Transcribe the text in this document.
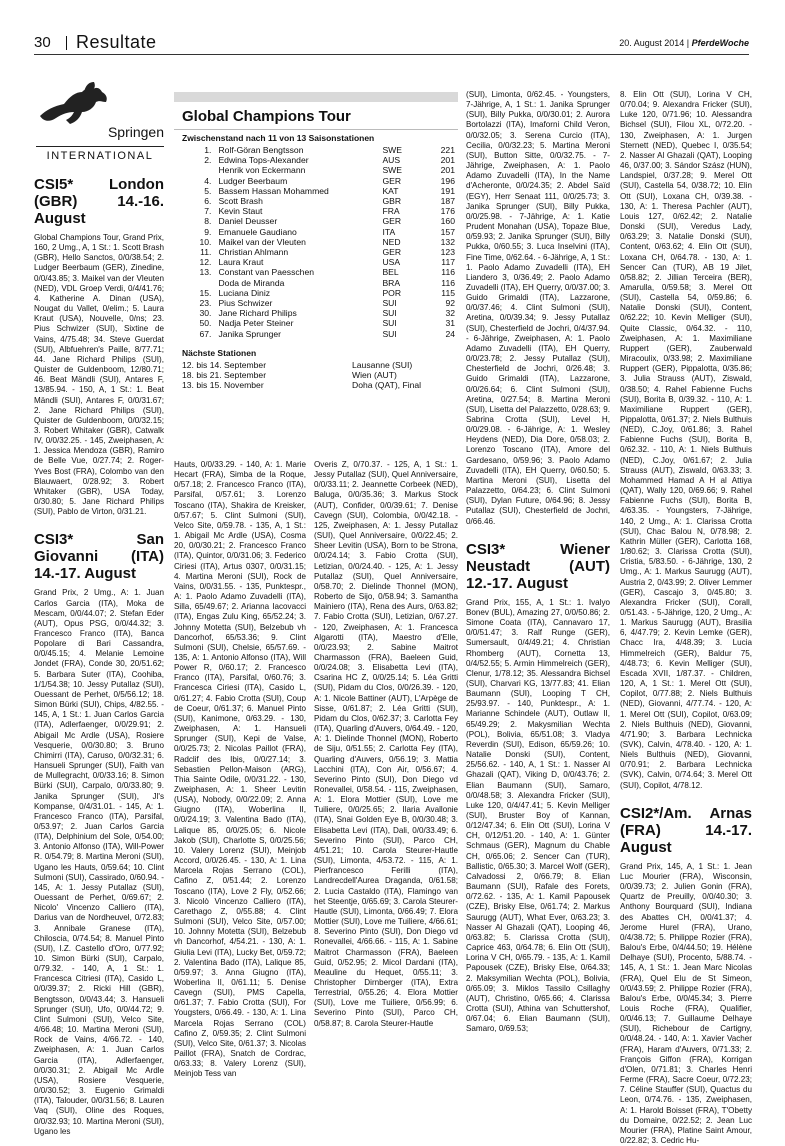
30 Resultate	20. August 2014 | PferdeWoche
Springen
INTERNATIONAL
CSI5* London (GBR) 14.-16. August

Global Champions Tour, Grand Prix, 160, 2 Umg., A, 1 St.: 1. Scott Brash (GBR), Hello Sanctos, 0/0/38.54; 2. Ludger Beerbaum (GER), Zinedine, 0/0/43.85; 3. Maikel van der Vleuten (NED), VDL Groep Verdi, 0/4/41.76; 4. Katherine A. Dinan (USA), Nougat du Vallet, 0/elim.; 5. Laura Kraut (USA), Nouvelle, 0/ns; 23. Pius Schwizer (SUI), Sixtine de Vains, 4/75.48; 34. Steve Guerdat (SUI), Albfuehren's Paille, 8/77.71; 44. Jane Richard Philips (SUI), Quister de Guldenboom, 12/80.71; 46. Beat Mändli (SUI), Antares F, 13/85.94. - 150, A, 1 St.: 1. Beat Mändli (SUI), Antares F, 0/0/31.67; 2. Jane Richard Philips (SUI), Quister de Guldenboom, 0/0/32.15; 3. Robert Whitaker (GBR), Catwalk IV, 0/0/32.25. - 145, Zweiphasen, A: 1. Jessica Mendoza (GBR), Ramiro de Belle Vue, 0/27.74; 2. Roger-Yves Bost (FRA), Colombo van den Blauwaert, 0/28.92; 3. Robert Whitaker (GBR), USA Today, 0/30.80; 5. Jane Richard Philips (SUI), Pablo de Virton, 0/31.21.

CSI3* San Giovanni (ITA) 14.-17. August

Grand Prix, 2 Umg., A: 1. Juan Carlos Garcia (ITA), Moka de Mescam, 0/0/44.07; 2. Stefan Eder (AUT), Opus PSG, 0/0/44.32; 3. Francesco Franco (ITA), Banca Popolare di Bari Cassandra, 0/0/45.15; 4. Melanie Lemoine Jondet (FRA), Conde 30, 20/51.62; 5. Barbara Suter (ITA), Coohiba, 1/1/54.38; 10. Jessy Putallaz (SUI), Ouessant de Perhet, 0/5/56.12; 18. Simon Bürki (SUI), Chips, 4/82.55. - 145, A, 1 St.: 1. Juan Carlos Garcia (ITA), Adlerfaenger, 0/0/29.91; 2. Abigail Mc Ardle (USA), Rosiere Vesquerie, 0/0/30.80; 3. Bruno Chimirri (ITA), Caruso, 0/0/32.31; 6. Hansueli Sprunger (SUI), Faith van de Mullegracht, 0/0/33.16; 8. Simon Bürki (SUI), Carpalo, 0/0/33.80; 9. Janika Sprunger (SUI), Jl's Kompanse, 0/4/31.01. - 145, A: 1. Francesco Franco (ITA), Parsifal, 0/53.97; 2. Juan Carlos Garcia (ITA), Delphinium del Sole, 0/54.00; 3. Antonio Alfonso (ITA), Will-Power R. 0/54.79; 8. Martina Meroni (SUI), Ugano les Hauts, 0/59.64; 10. Clint Sulmoni (SUI), Cassirado, 0/60.94. - 145, A: 1. Jessy Putallaz (SUI), Ouessant de Perhet, 0/69.67; 2. Nicolo' Vincenzo Calliero (ITA), Darius van de Nordheuvel, 0/72.83; 3. Annibale Granese (ITA), Chiloscia, 0/74.54; 8. Manuel Pinto (SUI), I.Z. Castello d'Oro, 0/77.92; 10. Simon Bürki (SUI), Carpalo, 0/79.32. - 140, A, 1 St.: 1. Francesca Citriesi (ITA), Casido L, 0/0/39.37; 2. Ricki Hill (GBR), Bengtsson, 0/0/43.44; 3. Hansueli Sprunger (SUI), Ufo, 0/0/44.72; 9. Clint Sulmoni (SUI), Velco Site, 4/66.48; 10. Martina Meroni (SUI), Rock de Vains, 4/66.72. - 140, Zweiphasen, A: 1. Juan Carlos Garcia (ITA), Adlerfaenger, 0/0/30.31; 2. Abigail Mc Ardle (USA), Rosiere Vesquerie, 0/0/30.52; 3. Eugenio Grimaldi (ITA), Talouder, 0/0/31.56; 8. Lauren Vaq (SUI), Oline des Roques, 0/0/32.93; 10. Martina Meroni (SUI), Ugano les

Global Champions Tour
Zwischenstand nach 11 von 13 Saisonstationen
1.	Rolf-Göran Bengtsson	SWE	221
2.	Edwina Tops-Alexander	AUS	201
	Henrik von Eckermann	SWE	201
4.	Ludger Beerbaum	GER	196
5.	Bassem Hassan Mohammed	KAT	191
6.	Scott Brash	GBR	187
7.	Kevin Staut	FRA	176
8.	Daniel Deusser	GER	160
9.	Emanuele Gaudiano	ITA	157
10.	Maikel van der Vleuten	NED	132
11.	Christian Ahlmann	GER	123
12.	Laura Kraut	USA	117
13.	Constant van Paesschen	BEL	116
	Doda de Miranda	BRA	116
15.	Luciana Diniz	POR	115
23.	Pius Schwizer	SUI	92
30.	Jane Richard Philips	SUI	32
50.	Nadja Peter Steiner	SUI	31
67.	Janika Sprunger	SUI	24
Nächste Stationen
12. bis 14. September	Lausanne (SUI)
18. bis 21. September	Wien (AUT)
13. bis 15. November	Doha (QAT), Final

Hauts, 0/0/33.29. - 140, A: 1. Marie Hecart (FRA), Simba de la Roque, 0/57.18; 2. Francesco Franco (ITA), Parsifal, 0/57.61; 3. Lorenzo Toscano (ITA), Shakira de Kreisker, 0/57.67; 5. Clint Sulmoni (SUI), Velco Site, 0/59.78. - 135, A, 1 St.: 1. Abigail Mc Ardle (USA), Cosma 20, 0/0/30.21; 2. Francesco Franco (ITA), Quintor, 0/0/31.06; 3. Federico Ciriesi (ITA), Artus 0307, 0/0/31.15; 4. Martina Meroni (SUI), Rock de Vains, 0/0/31.55. - 135, Punktespr., A: 1. Paolo Adamo Zuvadelli (ITA), Silla, 65/49.67; 2. Arianna Iacovacci (ITA), Engas Zulu King, 65/52.24; 3. Johnny Motetta (SUI), Belzebub vh Dancorhof, 65/53.36; 9. Clint Sulmoni (SUI), Chelsie, 65/57.69. - 135, A: 1. Antonio Alfonso (ITA), Will Power R, 0/60.17; 2. Francesco Franco (ITA), Parsifal, 0/60.76; 3. Francesca Ciriesi (ITA), Casido L, 0/61.27; 4. Fabio Crotta (SUI), Coup de Coeur, 0/61.37; 6. Manuel Pinto (SUI), Kanimone, 0/63.29. - 130, Zweiphasen, A: 1. Hansueli Sprunger (SUI), Kepi de Valse, 0/0/25.73; 2. Nicolas Paillot (FRA), Radclif des Ibis, 0/0/27.14; 3. Sebastien Pellon-Maison (ARG), Thia Sainte Odile, 0/0/31.22. - 130, Zweiphasen, A: 1. Sheer Levitin (USA), Nobody, 0/0/22.09; 2. Anna Giugno (ITA), Woberlina II, 0/0/24.19; 3. Valentina Bado (ITA), Lalique 85, 0/0/25.05; 6. Nicole Jakob (SUI), Charlotte S, 0/0/25.56; 10. Valery Lorenz (SUI), Meinjob Accord, 0/0/26.45. - 130, A: 1. Lina Marcela Rojas Serrano (COL), Cafino Z, 0/51.44; 2. Lorenzo Toscano (ITA), Love 2 Fly, 0/52.66; 3. Nicolò Vincenzo Calliero (ITA), Carethago Z, 0/55.88; 4. Clint Sulmoni (SUI), Velco Site, 0/57.00; 10. Johnny Motetta (SUI), Belzebub vh Dancorhof, 4/54.21. - 130, A: 1. Giulia Levi (ITA), Lucky Bet, 0/59.72; 2. Valentina Bado (ITA), Lalique 85, 0/59.97; 3. Anna Giugno (ITA), Woberlina II, 0/61.11; 5. Denise Cavegn (SUI), PMS Capella, 0/61.37; 7. Fabio Crotta (SUI), For Yougsters, 0/66.49. - 130, A: 1. Lina Marcela Rojas Serrano (COL) Cafino Z, 0/59.35; 2. Clint Sulmoni (SUI), Velco Site, 0/61.37; 3. Nicolas Paillot (FRA), Snatch de Cordrac, 0/63.33; 8. Valery Lorenz (SUI), Meinjob Tess van

Overis Z, 0/70.37. - 125, A, 1 St.: 1. Jessy Putallaz (SUI), Quel Anniversaire, 0/0/33.11; 2. Jeannette Corbeek (NED), Baluga, 0/0/35.36; 3. Markus Stock (AUT), Confider, 0/0/39.61; 7. Denise Cavegn (SUI), Colombia, 0/0/42.18. - 125, Zweiphasen, A: 1. Jessy Putallaz (SUI), Quel Anniversaire, 0/0/22.45; 2. Sheer Levitin (USA), Born to be Strona, 0/0/24.14; 3. Fabio Crotta (SUI), Letizian, 0/0/24.40. - 125, A: 1. Jessy Putallaz (SUI), Quel Anniversaire, 0/58.70; 2. Dielinde Thonnel (MON), Roberto de Sijo, 0/58.94; 3. Samantha Mainiero (ITA), Rena des Aurs, 0/63.82; 7. Fabio Crotta (SUI), Letizian, 0/67.27. - 120, Zweiphasen, A: 1. Francesca Algarotti (ITA), Maestro d'Elle, 0/0/23.93; 2. Sabine Maitrot Charmasson (FRA), Baeleen Guid, 0/0/24.08; 3. Elisabetta Levi (ITA), Csarina HC Z, 0/0/25.14; 5. Léa Gritti (SUI), Pidam du Clos, 0/0/26.39. - 120, A: 1. Nicole Battiner (AUT), L'Arpège de Sisse, 0/61.87; 2. Léa Gritti (SUI), Pidam du Clos, 0/62.37; 3. Carlotta Fey (ITA), Quarling d'Auvers, 0/64.49. - 120, A: 1. Dielinde Thonnel (MON), Roberto de Siju, 0/51.55; 2. Carlotta Fey (ITA), Quarling d'Auvers, 0/56.19; 3. Mattia Lacchini (ITA), Con Air, 0/56.67; 4. Severino Pinto (SUI), Don Diego vd Ronevallei, 0/58.54. - 115, Zweiphasen, A: 1. Elora Mottier (SUI), Love me Tuiliere, 0/0/25.65; 2. Ilaria Avallonie (ITA), Snai Golden Eye B, 0/0/30.48; 3. Elisabetta Levi (ITA), Dali, 0/0/33.49; 6. Severino Pinto (SUI), Parco CH, 4/51.21; 10. Carola Steurer-Hautle (SUI), Limonta, 4/53.72. - 115, A: 1. Pierfrancesco Ferilli (ITA), Landrecdell'Aurea Draganda, 0/61.58; 2. Lucia Castaldo (ITA), Flamingo van het Steentje, 0/65.69; 3. Carola Steurer-Hautle (SUI), Limonta, 0/66.49; 7. Elora Mottier (SUI), Love me Tuiliere, 4/66.61; 8. Severino Pinto (SUI), Don Diego vd Ronevallei, 4/66.66. - 115, A: 1. Sabine Maitrot Charmasson (FRA), Baeleen Guid, 0/52.95; 2. Micol Dardani (ITA), Meauline du Hequet, 0/55.11; 3. Christopher Dirnberger (ITA), Extra Terrestrial, 0/55.26; 4. Elora Mottier (SUI), Love me Tuiliere, 0/56.99; 6. Severino Pinto (SUI), Parco CH, 0/58.87; 8. Carola Steurer-Hautle

(SUI), Limonta, 0/62.45. - Youngsters, 7-Jährige, A, 1 St.: 1. Janika Sprunger (SUI), Billy Pukka, 0/0/30.01; 2. Aurora Bortolazzi (ITA), Imaforni Child Veron, 0/0/32.05; 3. Serena Curcio (ITA), Cecilia, 0/0/32.23; 5. Martina Meroni (SUI), Button Sitte, 0/0/32.75. - 7-Jährige, Zweiphasen, A: 1. Paolo Adamo Zuvadelli (ITA), In the Name d'Acheronte, 0/0/24.35; 2. Abdel Saïd (EGY), Herr Senaat 111, 0/0/25.73; 3. Janika Sprunger (SUI), Billy Pukka, 0/0/25.98. - 7-Jährige, A: 1. Katie Prudent Monahan (USA), Topaze Blue, 0/59.93; 2. Janika Sprunger (SUI), Billy Pukka, 0/60.55; 3. Luca Inselvini (ITA), Fine Time, 0/62.64. - 6-Jährige, A, 1 St.: 1. Paolo Adamo Zuvadelli (ITA), EH Liandero 3, 0/36.49; 2. Paolo Adamo Zuvadelli (ITA), EH Querry, 0/0/37.00; 3. Guido Grimaldi (ITA), Lazzarone, 0/0/37.46; 4. Clint Sulmoni (SUI), Aretina, 0/0/39.34; 9. Jessy Putallaz (SUI), Chesterfield de Jochri, 0/4/37.94. - 6-Jährige, Zweiphasen, A: 1. Paolo Adamo Zuvadelli (ITA), EH Querry, 0/0/23.78; 2. Jessy Putallaz (SUI), Chesterfield de Jochri, 0/26.48; 3. Guido Grimaldi (ITA), Lazzarone, 0/0/26.64; 6. Clint Sulmoni (SUI), Aretina, 0/27.54; 8. Martina Meroni (SUI), Lisetta del Palazzetto, 0/28.63; 9. Sabrina Crotta (SUI), Level H, 0/0/29.08. - 6-Jährige, A: 1. Wesley Heydens (NED), Dia Dore, 0/58.03; 2. Lorenzo Toscano (ITA), Amore del Gardesano, 0/59.96; 3. Paolo Adamo Zuvadelli (ITA), EH Querry, 0/60.50; 5. Martina Meroni (SUI), Lisetta del Palazzetto, 0/64.23; 6. Clint Sulmoni (SUI), Dylan Future, 0/64.96; 8. Jessy Putallaz (SUI), Chesterfield de Jochri, 0/66.46.

CSI3* Wiener Neustadt (AUT) 12.-17. August

Grand Prix, 155, A, 1 St.: 1. Ivalyo Bonev (BUL), Amazing 27, 0/0/50.86; 2. Simone Coata (ITA), Cannavaro 17, 0/0/51.47; 3. Ralf Runge (GER), Sumersault, 0/4/49.21; 4. Christian Rhomberg (AUT), Cornetta 13, 0/4/52.55; 5. Armin Himmelreich (GER), Clenur, 1/78.12; 35. Alessandra Bichsel (SUI), Charvari KG, 13/77.83; 41. Elian Baumann (SUI), Looping T CH, 25/93.97. - 140, Punktespr., A: 1. Marianne Schindele (AUT), Outlaw II, 65/49.29; 2. Makysmilian Wechta (POL), Bolivia, 65/51.08; 3. Vladya Reverdin (SUI), Edison, 65/59.26; 10. Natalie Donski (SUI), Content, 25/56.62. - 140, A, 1 St.: 1. Nasser Al Ghazali (QAT), Viking D, 0/0/43.76; 2. Elian Baumann (SUI), Samaro, 0/0/48.58; 3. Alexandra Fricker (SUI), Luke 120, 0/4/47.41; 5. Kevin Melliger (SUI), Bruster Boy of Kannan, 0/12/47.34; 6. Elin Ott (SUI), Lorina V CH, 0/12/51.20. - 140, A: 1. Günter Schmaus (GER), Magnum du Chable CH, 0/65.06; 2. Sencer Can (TUR), Ballistic, 0/65.30; 3. Marcel Wolf (GER), Calvadossi 2, 0/66.79; 8. Elian Baumann (SUI), Rafale des Forets, 0/72.62. - 135, A: 1. Kamil Papousek (CZE), Brisky Else, 0/61.74; 2. Markus Saurugg (AUT), What Ever, 0/63.23; 3. Nasser Al Ghazali (QAT), Looping 46, 0/63.82; 5. Clarissa Crotta (SUI), Caprice 463, 0/64.78; 6. Elin Ott (SUI), Lorina V CH, 0/65.79. - 135, A: 1. Kamil Papousek (CZE), Brisky Else, 0/64.33; 2. Maksymilian Wechta (POL), Bolivia, 0/65.09; 3. Miklos Tassilo Csillaghy (AUT), Christino, 0/65.66; 4. Clarissa Crotta (SUI), Athina van Schuttershof, 0/67.04; 6. Elian Baumann (SUI), Samaro, 0/69.53;

8. Elin Ott (SUI), Lorina V CH, 0/70.04; 9. Alexandra Fricker (SUI), Luke 120, 0/71.96; 10. Alessandra Bichsel (SUI), Filou XL, 0/72.20. - 130, Zweiphasen, A: 1. Jurgen Sternett (NED), Quebec I, 0/35.54; 2. Nasser Al Ghazali (QAT), Looping 46, 0/37.00; 3. Sándor Szász (HUN), Landspiel, 0/37.28; 9. Merel Ott (SUI), Castella 54, 0/38.72; 10. Elin Ott (SUI), Loxana CH, 0/39.38. - 130, A: 1. Theresa Pachler (AUT), Louis 127, 0/62.42; 2. Natalie Donski (SUI), Veredus Lady, 0/63.29; 3. Natalie Donski (SUI), Content, 0/63.62; 4. Elin Ott (SUI), Loxana CH, 0/64.78. - 130, A: 1. Sencer Can (TUR), AB 19 Jilet, 0/58.82; 2. Jillian Terceira (BER), Amarulla, 0/59.58; 3. Merel Ott (SUI), Castella 54, 0/59.86; 6. Natalie Donski (SUI), Content, 0/62.22; 10. Kevin Melliger (SUI), Quite Classic, 0/64.32. - 110, Zweiphasen, A: 1. Maximiliane Ruppert (GER), Zauberwald Miracoulix, 0/33.98; 2. Maximiliane Ruppert (GER), Pippalotta, 0/35.86; 3. Julia Strauss (AUT), Ziswald, 0/38.50; 4. Rahel Fabienne Fuchs (SUI), Borita B, 0/39.32. - 110, A: 1. Maximiliane Ruppert (GER), Pippalotta, 0/61.37; 2. Niels Bulthuis (NED), C.Joy, 0/61.86; 3. Rahel Fabienne Fuchs (SUI), Borita B, 0/62.32. - 110, A: 1. Niels Bulthuis (NED), C.Joy, 0/61.67; 2. Julia Strauss (AUT), Ziswald, 0/63.33; 3. Mohammed Hamad A H al Attiya (QAT), Wally 120, 0/69.66; 9. Rahel Fabienne Fuchs (SUI), Borita B, 4/63.35. - Youngsters, 7-Jährige, 140, 2 Umg., A: 1. Clarissa Crotta (SUI), Chac Balou N, 0/78.98; 2. Kathrin Müller (GER), Carlotta 168, 1/80.62; 3. Clarissa Crotta (SUI), Cristia, 5/83.50. - 6-Jährige, 130, 2 Umg., A: 1. Markus Saurugg (AUT), Austria 2, 0/43.99; 2. Oliver Lemmer (GER), Cascajo 3, 0/45.80; 3. Alexandra Fricker (SUI), Corall, 0/51.43. - 5-Jährige, 120, 2 Umg., A: 1. Markus Saurugg (AUT), Brasilia 6, 4/47.79; 2. Kevin Lemke (GER), Chacc Ira, 4/48.39; 3. Lucia Himmelreich (GER), Baldur 75, 4/48.73; 6. Kevin Melliger (SUI), Escada XVII, 1/87.37. - Children, 120, A, 1 St.: 1. Merel Ott (SUI), Copilot, 0/77.88; 2. Niels Bulthuis (NED), Giovanni, 4/77.74. - 120, A: 1. Merel Ott (SUI), Copilot, 0/63.09; 2. Niels Bulthuis (NED), Giovanni, 4/71.90; 3. Barbara Lechnicka (SVK), Calvin, 4/78.40. - 120, A: 1. Niels Bulthuis (NED), Giovanni, 0/70.91; 2. Barbara Lechnicka (SVK), Calvin, 0/74.64; 3. Merel Ott (SUI), Copilot, 4/78.12.

CSI2*/Am. Arnas (FRA) 14.-17. August

Grand Prix, 145, A, 1 St.: 1. Jean Luc Mourier (FRA), Wisconsin, 0/0/39.73; 2. Julien Gonin (FRA), Quartz de Preuilly, 0/0/40.30; 3. Anthony Bourquard (SUI), Indiana des Abattes CH, 0/0/41.37; 4. Jerome Hurel (FRA), Urano, 0/4/38.72; 5. Philippe Rozier (FRA), Balou's Erbe, 0/4/44.50; 19. Hélène Delhaye (SUI), Procento, 5/88.74. - 145, A, 1 St.: 1. Jean Marc Nicolas (FRA), Quel Elu de St Simeon, 0/0/43.59; 2. Philippe Rozier (FRA), Balou's Erbe, 0/0/45.34; 3. Pierre Louis Roche (FRA), Qualifier, 0/0/46.13; 7. Guillaume Delhaye (SUI), Richebour de Cartigny, 0/0/48.24. - 140, A: 1. Xavier Vacher (FRA), Haram d'Auvers, 0/71.33; 2. François Giffon (FRA), Korrigan d'Olen, 0/71.81; 3. Charles Henri Ferme (FRA), Sacre Coeur, 0/72.23; 7. Céline Stauffer (SUI), Quactus du Leon, 0/74.76. - 135, Zweiphasen, A: 1. Harold Boisset (FRA), T'Obetty du Domaine, 0/22.52; 2. Jean Luc Mourier (FRA), Platine Saint Amour, 0/22.82; 3. Cedric Hu-
